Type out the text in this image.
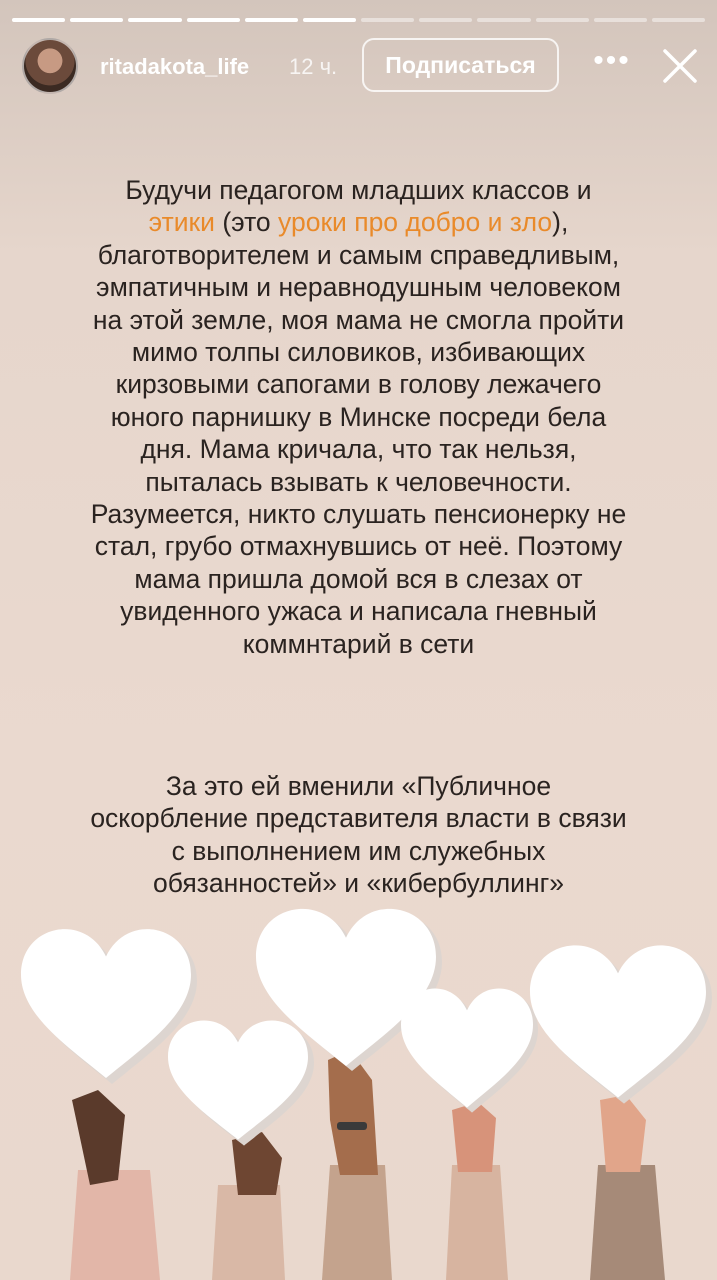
ritadakota_life 12 ч.	Подписаться	•••
Будучи педагогом младших классов и этики (это уроки про добро и зло), благотворителем и самым справедливым, эмпатичным и неравнодушным человеком на этой земле, моя мама не смогла пройти мимо толпы силовиков, избивающих кирзовыми сапогами в голову лежачего юного парнишку в Минске посреди бела дня. Мама кричала, что так нельзя, пыталась взывать к человечности. Разумеется, никто слушать пенсионерку не стал, грубо отмахнувшись от неё. Поэтому мама пришла домой вся в слезах от увиденного ужаса и написала гневный коммнтарий в сети
За это ей вменили «Публичное оскорбление представителя власти в связи с выполнением им служебных обязанностей» и «кибербуллинг»
